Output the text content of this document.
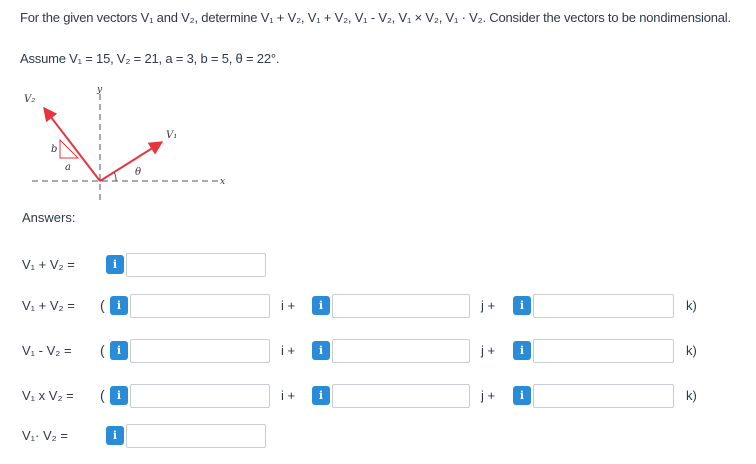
For the given vectors V₁ and V₂, determine V₁ + V₂, V₁ + V₂, V₁ - V₂, V₁ × V₂, V₁ · V₂. Consider the vectors to be nondimensional.
Assume V₁ = 15, V₂ = 21, a = 3, b = 5, θ = 22°.
V₂
y
V₁
b
a	θ
x
Answers:
V₁ + V₂ =	i
V₁ + V₂ = (	i	i +	i	j +	i	k)
V₁ - V₂ = (	i	i +	i	j +	i	k)
V₁ x V₂ = (	i	i +	i	j +	i	k)
V₁· V₂ =	i
